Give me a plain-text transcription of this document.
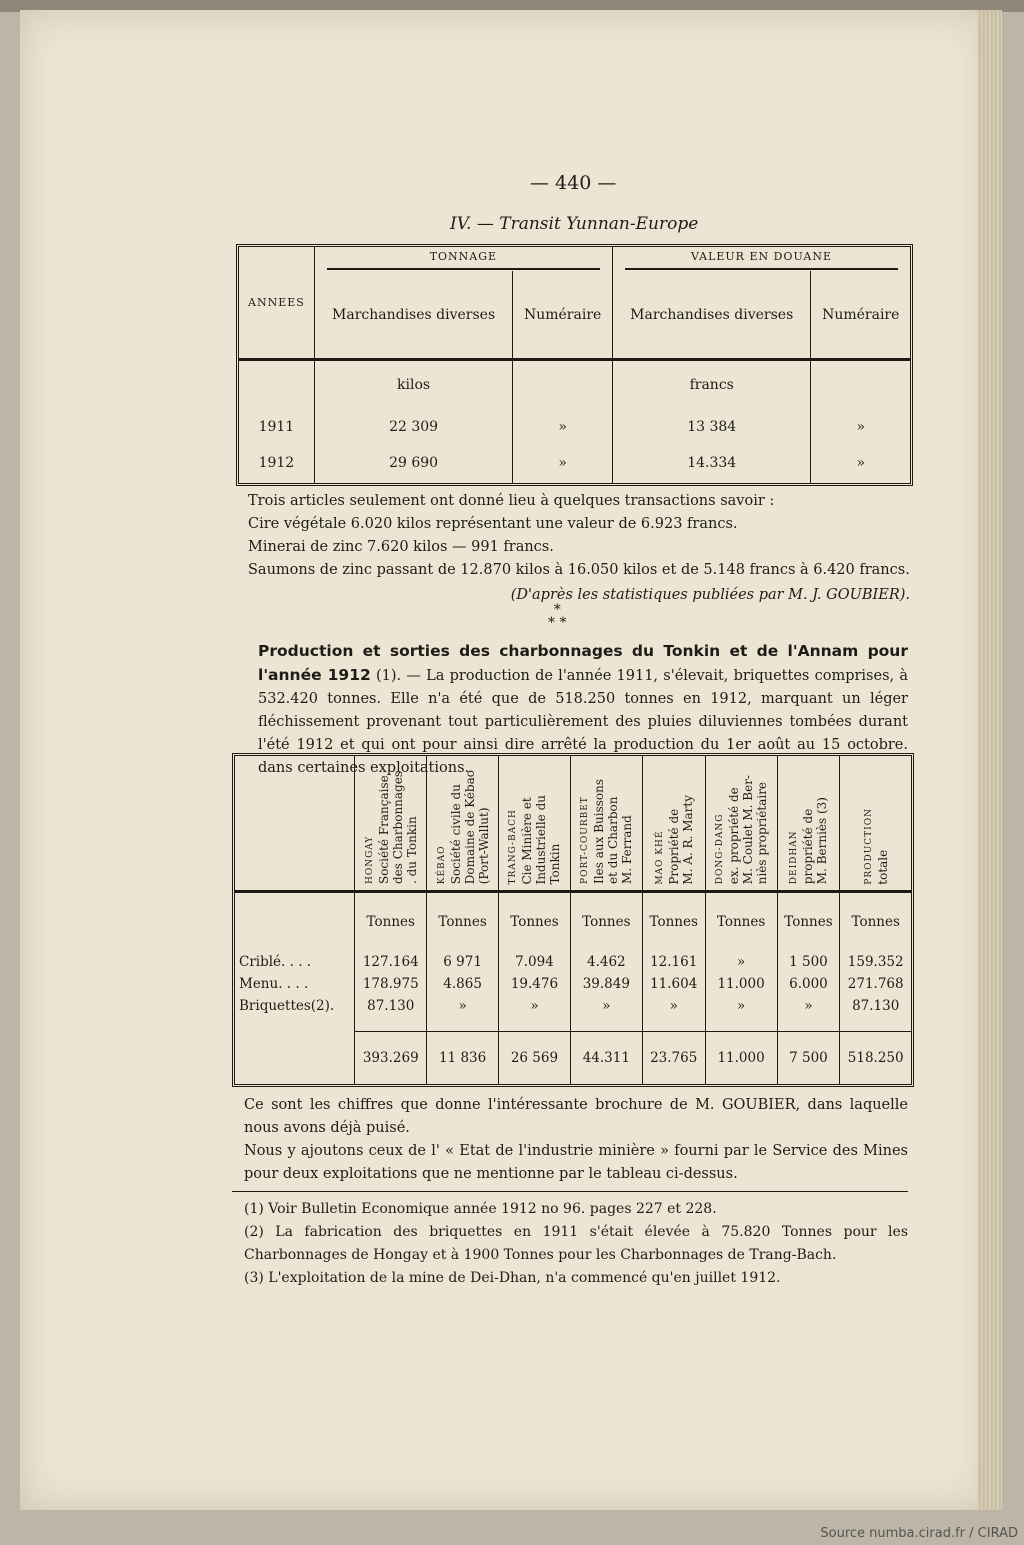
— 440 —
IV. — Transit Yunnan-Europe
ANNEES	TONNAGE		VALEUR EN DOUANE	

	Marchandises diverses	Numéraire	Marchandises diverses	Numéraire
	kilos		francs	
1911	22 309	»	13 384	»
1912	29 690	»	14.334	»

Trois articles seulement ont donné lieu à quelques transactions savoir :

Cire végétale 6.020 kilos représentant une valeur de 6.923 francs.

Minerai de zinc 7.620 kilos — 991 francs.

Saumons de zinc passant de 12.870 kilos à 16.050 kilos et de 5.148 francs à 6.420 francs.

(D'après les statistiques publiées par M. J. GOUBIER).

*
* *

Production et sorties des charbonnages du Tonkin et de l'Annam pour l'année 1912 (1). — La production de l'année 1911, s'élevait, briquettes comprises, à 532.420 tonnes. Elle n'a été que de 518.250 tonnes en 1912, marquant un léger fléchissement provenant tout particulièrement des pluies diluviennes tombées durant l'été 1912 et qui ont pour ainsi dire arrêté la production du 1er août au 15 octobre. dans certaines exploitations.

	HONGAY Société Française
des Charbonnages
. du Tonkin	KÉBAO Société civile du
Domaine de Kébao
(Port-Wallut)	TRANG-BACH Cie Minière et
Industrielle du
Tonkin	PORT-COURBET Iles aux Buissons
et du Charbon
M. Ferrand	MAO KHÉ Propriété de
M. A. R. Marty	DONG-DANG ex. propriété de
M. Coulet M. Ber-
niès propriétaire	DEIDHAN propriété de
M. Berniès (3)	PRODUCTION totale

	Tonnes	Tonnes	Tonnes	Tonnes	Tonnes	Tonnes	Tonnes	Tonnes
Criblé. . . .	127.164	6 971	7.094	4.462	12.161	»	1 500	159.352
Menu. . . .	178.975	4.865	19.476	39.849	11.604	11.000	6.000	271.768
Briquettes(2).	87.130	»	»	»	»	»	»	87.130

	393.269	11 836	26 569	44.311	23.765	11.000	7 500	518.250

Ce sont les chiffres que donne l'intéressante brochure de M. GOUBIER, dans laquelle nous avons déjà puisé.

Nous y ajoutons ceux de l' « Etat de l'industrie minière » fourni par le Service des Mines pour deux exploitations que ne mentionne par le tableau ci-dessus.

(1) Voir Bulletin Economique année 1912 no 96. pages 227 et 228.

(2) La fabrication des briquettes en 1911 s'était élevée à 75.820 Tonnes pour les Charbonnages de Hongay et à 1900 Tonnes pour les Charbonnages de Trang-Bach.

(3) L'exploitation de la mine de Dei-Dhan, n'a commencé qu'en juillet 1912.

Source numba.cirad.fr / CIRAD
